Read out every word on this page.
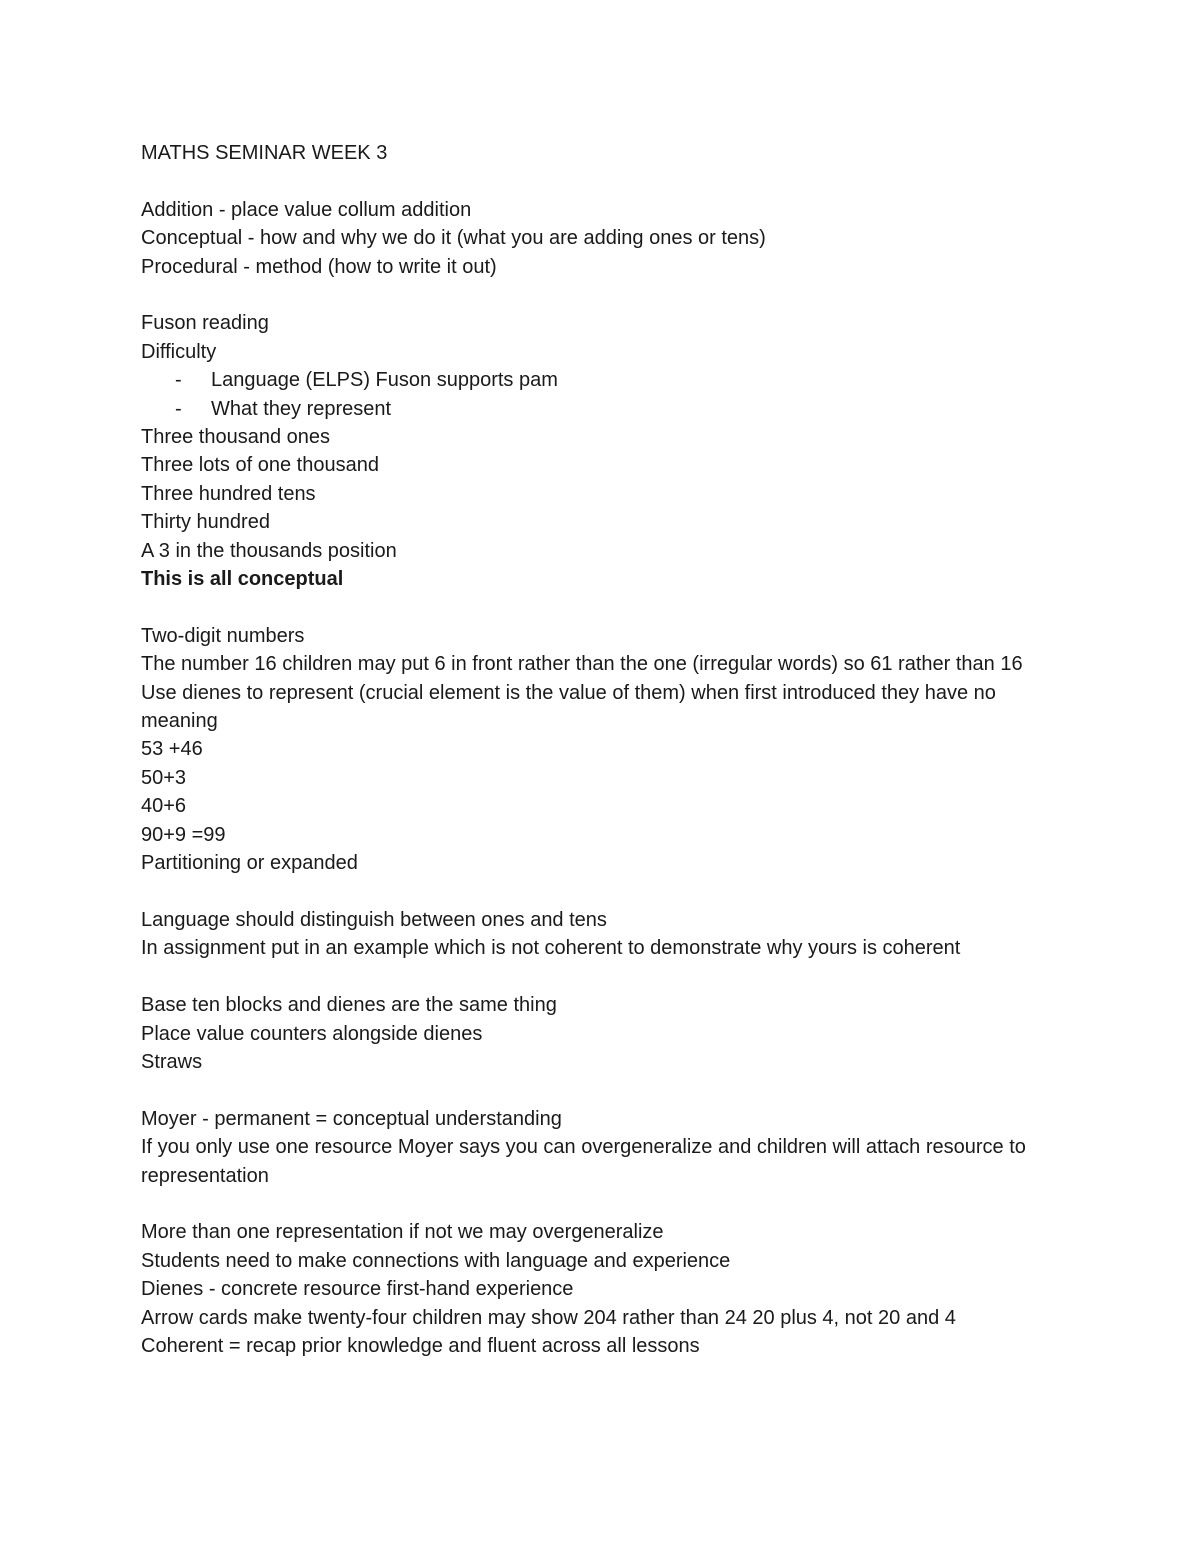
MATHS SEMINAR WEEK 3

Addition - place value collum addition

Conceptual - how and why we do it (what you are adding ones or tens)

Procedural - method (how to write it out)

Fuson reading

Difficulty

- Language (ELPS) Fuson supports pam
- What they represent

Three thousand ones

Three lots of one thousand

Three hundred tens

Thirty hundred

A 3 in the thousands position

This is all conceptual

Two-digit numbers

The number 16 children may put 6 in front rather than the one (irregular words) so 61 rather than 16

Use dienes to represent (crucial element is the value of them) when first introduced they have no meaning

53 +46

50+3

40+6

90+9 =99

Partitioning or expanded

Language should distinguish between ones and tens

In assignment put in an example which is not coherent to demonstrate why yours is coherent

Base ten blocks and dienes are the same thing

Place value counters alongside dienes

Straws

Moyer - permanent = conceptual understanding

If you only use one resource Moyer says you can overgeneralize and children will attach resource to representation

More than one representation if not we may overgeneralize

Students need to make connections with language and experience

Dienes - concrete resource first-hand experience

Arrow cards make twenty-four children may show 204 rather than 24 20 plus 4, not 20 and 4

Coherent = recap prior knowledge and fluent across all lessons
